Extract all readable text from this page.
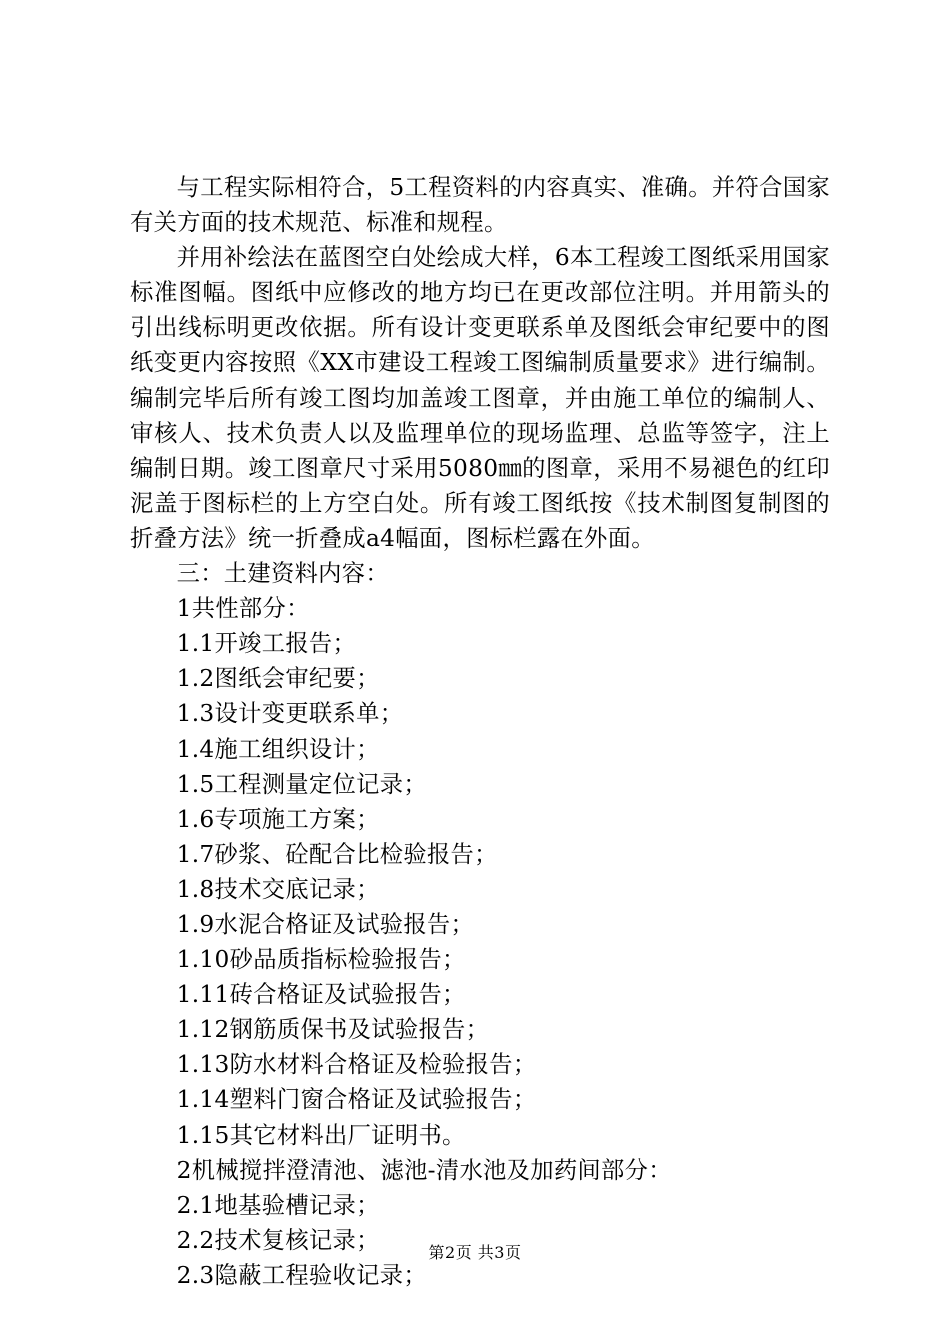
与工程实际相符合，5工程资料的内容真实、准确。并符合国家有关方面的技术规范、标准和规程。

并用补绘法在蓝图空白处绘成大样，6本工程竣工图纸采用国家标准图幅。图纸中应修改的地方均已在更改部位注明。并用箭头的引出线标明更改依据。所有设计变更联系单及图纸会审纪要中的图纸变更内容按照《XX市建设工程竣工图编制质量要求》进行编制。编制完毕后所有竣工图均加盖竣工图章，并由施工单位的编制人、审核人、技术负责人以及监理单位的现场监理、总监等签字，注上编制日期。竣工图章尺寸采用5080㎜的图章，采用不易褪色的红印泥盖于图标栏的上方空白处。所有竣工图纸按《技术制图复制图的折叠方法》统一折叠成a4幅面，图标栏露在外面。

三：土建资料内容：
1共性部分：
1.1开竣工报告；
1.2图纸会审纪要；
1.3设计变更联系单；
1.4施工组织设计；
1.5工程测量定位记录；
1.6专项施工方案；
1.7砂浆、砼配合比检验报告；
1.8技术交底记录；
1.9水泥合格证及试验报告；
1.10砂品质指标检验报告；
1.11砖合格证及试验报告；
1.12钢筋质保书及试验报告；
1.13防水材料合格证及检验报告；
1.14塑料门窗合格证及试验报告；
1.15其它材料出厂证明书。
2机械搅拌澄清池、滤池-清水池及加药间部分：
2.1地基验槽记录；
2.2技术复核记录；
2.3隐蔽工程验收记录；
第2页 共3页
